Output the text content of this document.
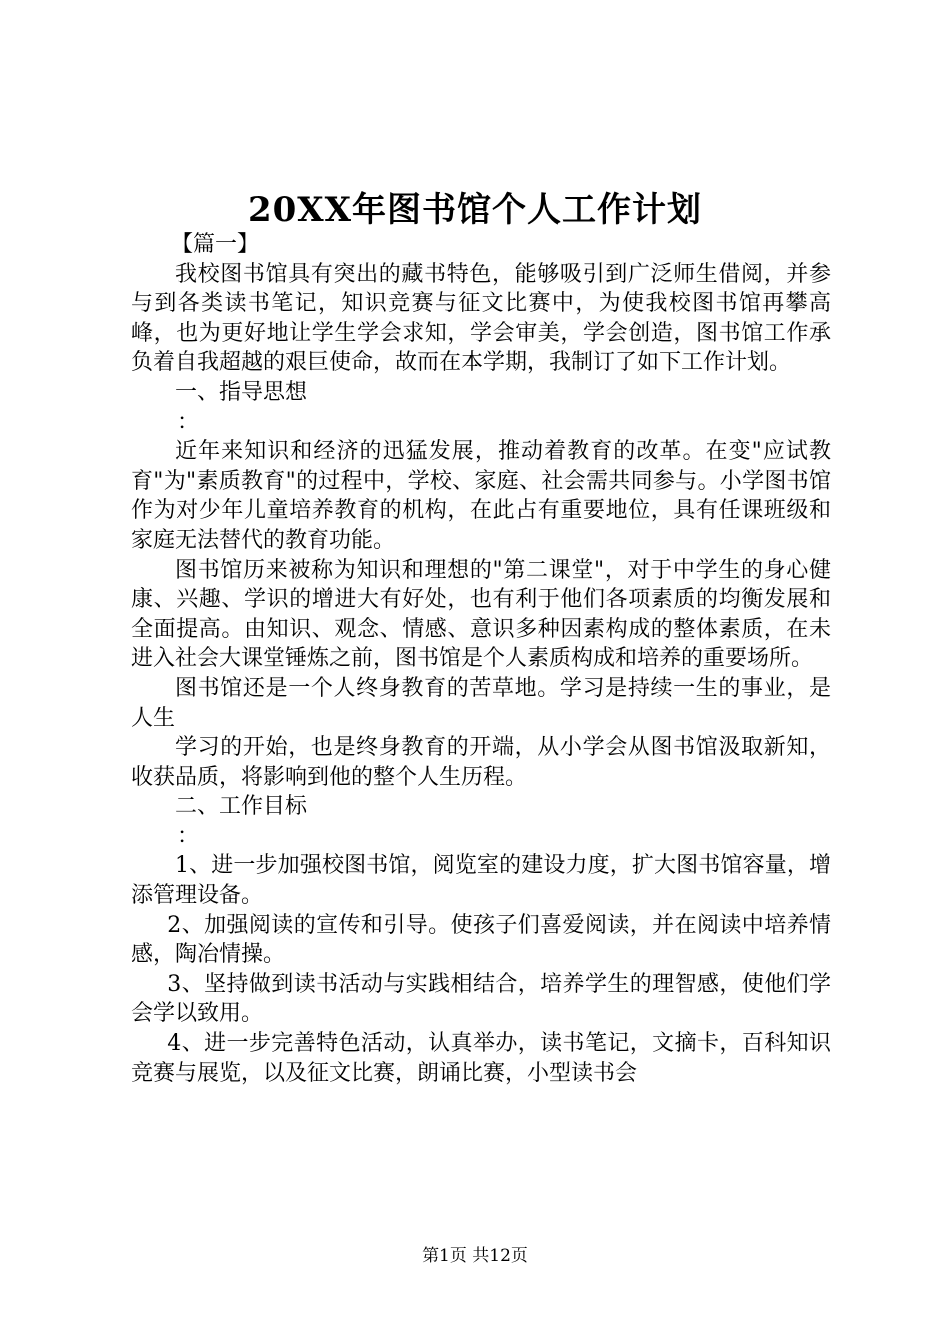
20XX年图书馆个人工作计划

【篇一】

我校图书馆具有突出的藏书特色，能够吸引到广泛师生借阅，并参与到各类读书笔记，知识竞赛与征文比赛中，为使我校图书馆再攀高峰，也为更好地让学生学会求知，学会审美，学会创造，图书馆工作承负着自我超越的艰巨使命，故而在本学期，我制订了如下工作计划。

一、指导思想

：

近年来知识和经济的迅猛发展，推动着教育的改革。在变"应试教育"为"素质教育"的过程中，学校、家庭、社会需共同参与。小学图书馆作为对少年儿童培养教育的机构，在此占有重要地位，具有任课班级和家庭无法替代的教育功能。

图书馆历来被称为知识和理想的"第二课堂"，对于中学生的身心健康、兴趣、学识的增进大有好处，也有利于他们各项素质的均衡发展和全面提高。由知识、观念、情感、意识多种因素构成的整体素质，在未进入社会大课堂锤炼之前，图书馆是个人素质构成和培养的重要场所。

图书馆还是一个人终身教育的苦草地。学习是持续一生的事业，是人生

学习的开始，也是终身教育的开端，从小学会从图书馆汲取新知，收获品质，将影响到他的整个人生历程。

二、工作目标

：

1、进一步加强校图书馆，阅览室的建设力度，扩大图书馆容量，增添管理设备。

2、加强阅读的宣传和引导。使孩子们喜爱阅读，并在阅读中培养情感，陶冶情操。

3、坚持做到读书活动与实践相结合，培养学生的理智感，使他们学会学以致用。

4、进一步完善特色活动，认真举办，读书笔记，文摘卡，百科知识竞赛与展览，以及征文比赛，朗诵比赛，小型读书会

第1页 共12页
